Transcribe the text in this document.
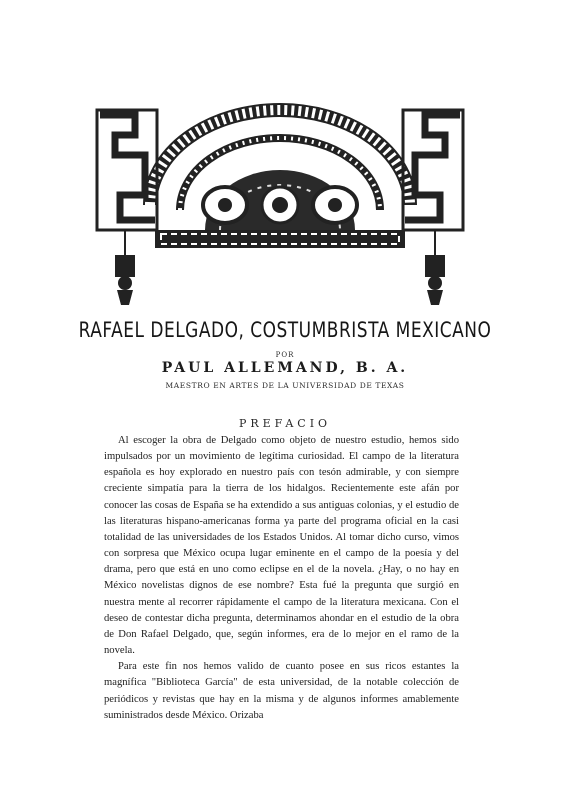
RAFAEL DELGADO, COSTUMBRISTA MEXICANO
POR
PAUL ALLEMAND, B. A.
MAESTRO EN ARTES DE LA UNIVERSIDAD DE TEXAS
PREFACIO

Al escoger la obra de Delgado como objeto de nuestro estudio, hemos sido impulsados por un movimiento de legítima curiosidad. El campo de la literatura española es hoy explorado en nuestro país con tesón admirable, y con siempre creciente simpatía para la tierra de los hidalgos. Recientemente este afán por conocer las cosas de España se ha extendido a sus antiguas colonias, y el estudio de las literaturas hispano-americanas forma ya parte del programa oficial en la casi totalidad de las universidades de los Estados Unidos. Al tomar dicho curso, vimos con sorpresa que México ocupa lugar eminente en el campo de la poesía y del drama, pero que está en uno como eclipse en el de la novela. ¿Hay, o no hay en México novelistas dignos de ese nombre? Esta fué la pregunta que surgió en nuestra mente al recorrer rápidamente el campo de la literatura mexicana. Con el deseo de contestar dicha pregunta, determinamos ahondar en el estudio de la obra de Don Rafael Delgado, que, según informes, era de lo mejor en el ramo de la novela.

Para este fin nos hemos valido de cuanto posee en sus ricos estantes la magnífica "Biblioteca García" de esta universidad, de la notable colección de periódicos y revistas que hay en la misma y de algunos informes amablemente suministrados desde México. Orizaba
